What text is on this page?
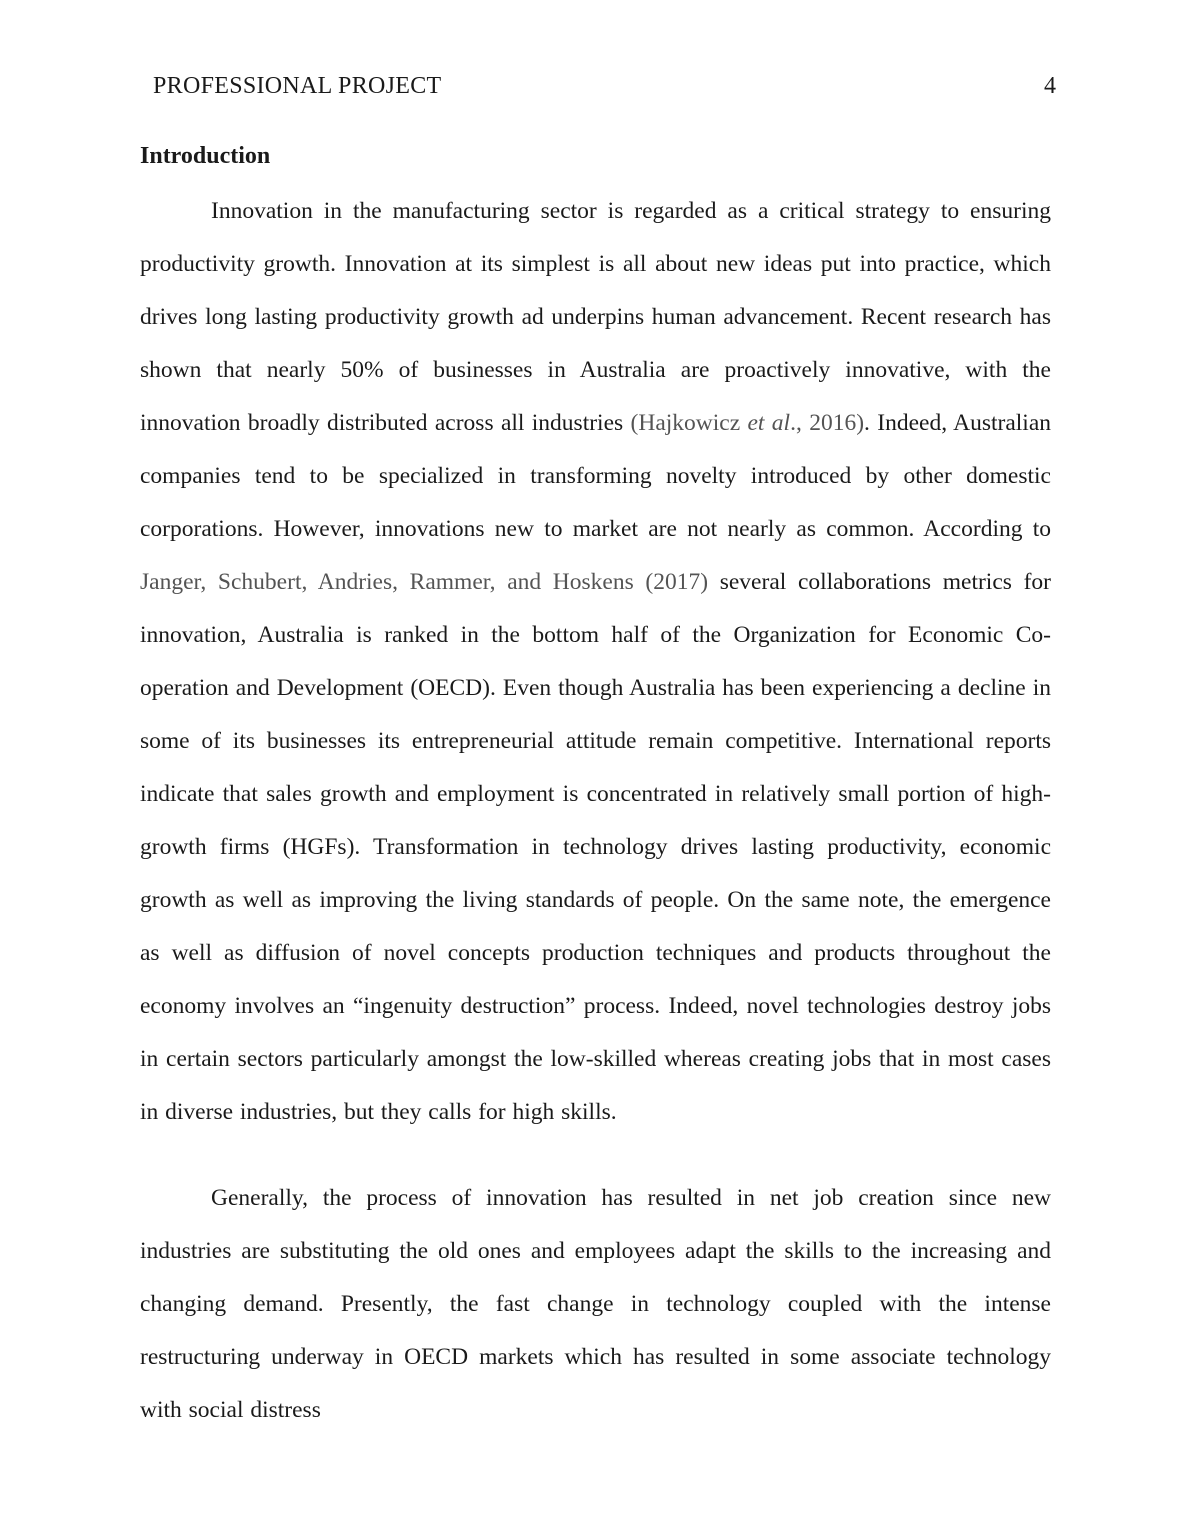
PROFESSIONAL PROJECT	4
Introduction

Innovation in the manufacturing sector is regarded as a critical strategy to ensuring productivity growth. Innovation at its simplest is all about new ideas put into practice, which drives long lasting productivity growth ad underpins human advancement. Recent research has shown that nearly 50% of businesses in Australia are proactively innovative, with the innovation broadly distributed across all industries (Hajkowicz et al., 2016). Indeed, Australian companies tend to be specialized in transforming novelty introduced by other domestic corporations. However, innovations new to market are not nearly as common. According to Janger, Schubert, Andries, Rammer, and Hoskens (2017) several collaborations metrics for innovation, Australia is ranked in the bottom half of the Organization for Economic Co-operation and Development (OECD). Even though Australia has been experiencing a decline in some of its businesses its entrepreneurial attitude remain competitive. International reports indicate that sales growth and employment is concentrated in relatively small portion of high-growth firms (HGFs). Transformation in technology drives lasting productivity, economic growth as well as improving the living standards of people. On the same note, the emergence as well as diffusion of novel concepts production techniques and products throughout the economy involves an “ingenuity destruction” process. Indeed, novel technologies destroy jobs in certain sectors particularly amongst the low-skilled whereas creating jobs that in most cases in diverse industries, but they calls for high skills.

Generally, the process of innovation has resulted in net job creation since new industries are substituting the old ones and employees adapt the skills to the increasing and changing demand. Presently, the fast change in technology coupled with the intense restructuring underway in OECD markets which has resulted in some associate technology with social distress
